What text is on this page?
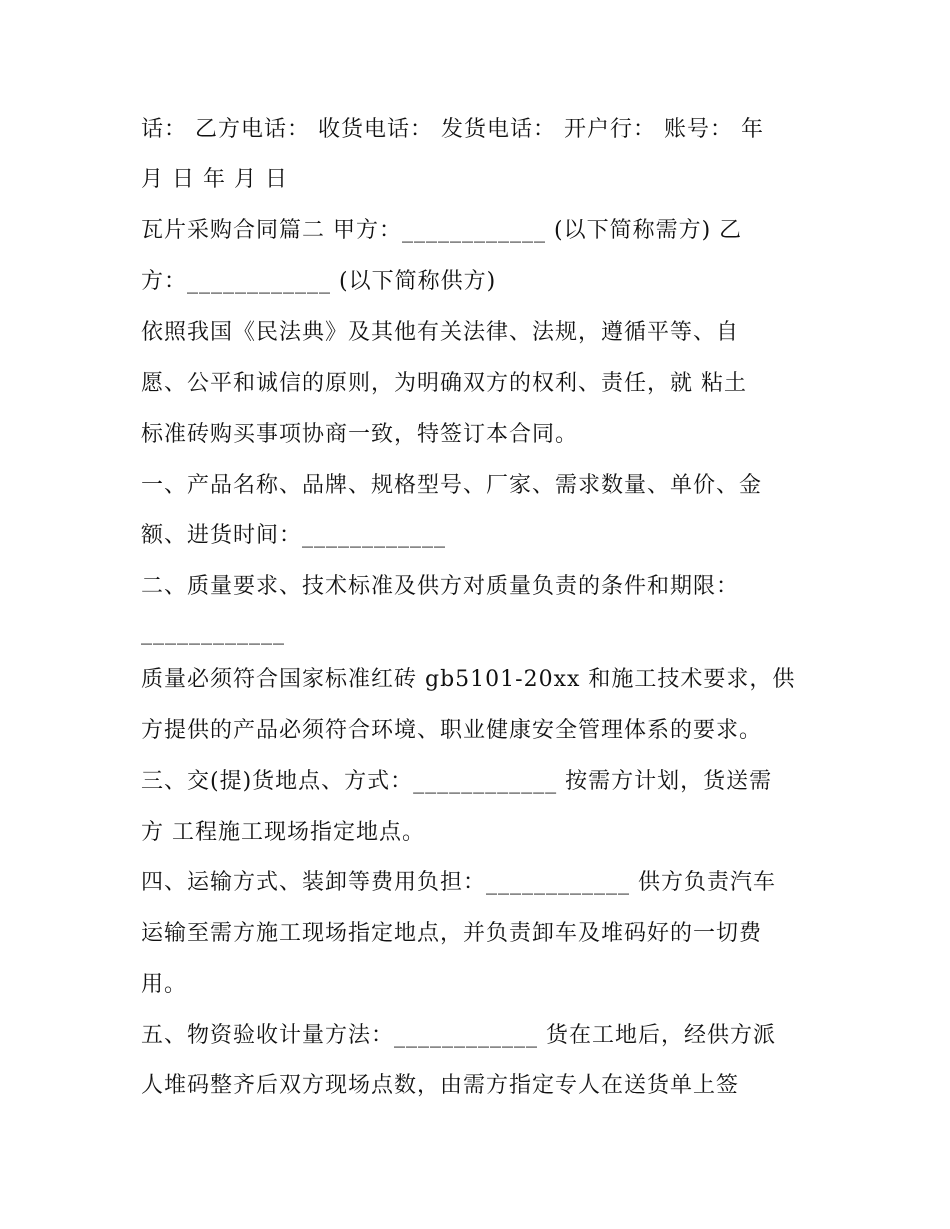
话： 乙方电话： 收货电话： 发货电话： 开户行： 账号： 年
月 日 年 月 日
瓦片采购合同篇二 甲方：____________ (以下简称需方) 乙
方：____________ (以下简称供方)
依照我国《民法典》及其他有关法律、法规，遵循平等、自
愿、公平和诚信的原则，为明确双方的权利、责任，就 粘土
标准砖购买事项协商一致，特签订本合同。
一、产品名称、品牌、规格型号、厂家、需求数量、单价、金
额、进货时间：____________
二、质量要求、技术标准及供方对质量负责的条件和期限：
____________
质量必须符合国家标准红砖 gb5101-20xx 和施工技术要求，供
方提供的产品必须符合环境、职业健康安全管理体系的要求。
三、交(提)货地点、方式：____________ 按需方计划，货送需
方 工程施工现场指定地点。
四、运输方式、装卸等费用负担：____________ 供方负责汽车
运输至需方施工现场指定地点，并负责卸车及堆码好的一切费
用。
五、物资验收计量方法：____________ 货在工地后，经供方派
人堆码整齐后双方现场点数，由需方指定专人在送货单上签
